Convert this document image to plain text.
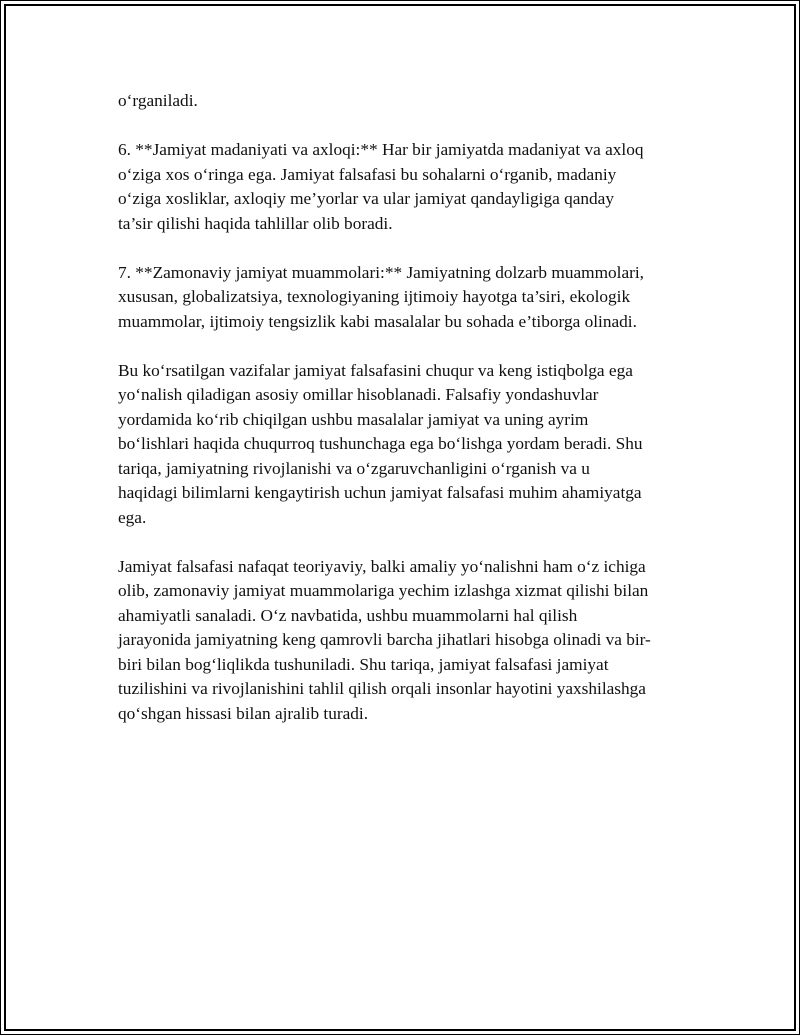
o‘rganiladi.

6. **Jamiyat madaniyati va axloqi:** Har bir jamiyatda madaniyat va axloq
o‘ziga xos o‘ringa ega. Jamiyat falsafasi bu sohalarni o‘rganib, madaniy
o‘ziga xosliklar, axloqiy me’yorlar va ular jamiyat qandayligiga qanday
ta’sir qilishi haqida tahlillar olib boradi.

7. **Zamonaviy jamiyat muammolari:** Jamiyatning dolzarb muammolari,
xususan, globalizatsiya, texnologiyaning ijtimoiy hayotga ta’siri, ekologik
muammolar, ijtimoiy tengsizlik kabi masalalar bu sohada e’tiborga olinadi.

Bu ko‘rsatilgan vazifalar jamiyat falsafasini chuqur va keng istiqbolga ega
yo‘nalish qiladigan asosiy omillar hisoblanadi. Falsafiy yondashuvlar
yordamida ko‘rib chiqilgan ushbu masalalar jamiyat va uning ayrim
bo‘lishlari haqida chuqurroq tushunchaga ega bo‘lishga yordam beradi. Shu
tariqa, jamiyatning rivojlanishi va o‘zgaruvchanligini o‘rganish va u
haqidagi bilimlarni kengaytirish uchun jamiyat falsafasi muhim ahamiyatga
ega.

Jamiyat falsafasi nafaqat teoriyaviy, balki amaliy yo‘nalishni ham o‘z ichiga
olib, zamonaviy jamiyat muammolariga yechim izlashga xizmat qilishi bilan
ahamiyatli sanaladi. O‘z navbatida, ushbu muammolarni hal qilish
jarayonida jamiyatning keng qamrovli barcha jihatlari hisobga olinadi va bir-
biri bilan bog‘liqlikda tushuniladi. Shu tariqa, jamiyat falsafasi jamiyat
tuzilishini va rivojlanishini tahlil qilish orqali insonlar hayotini yaxshilashga
qo‘shgan hissasi bilan ajralib turadi.
